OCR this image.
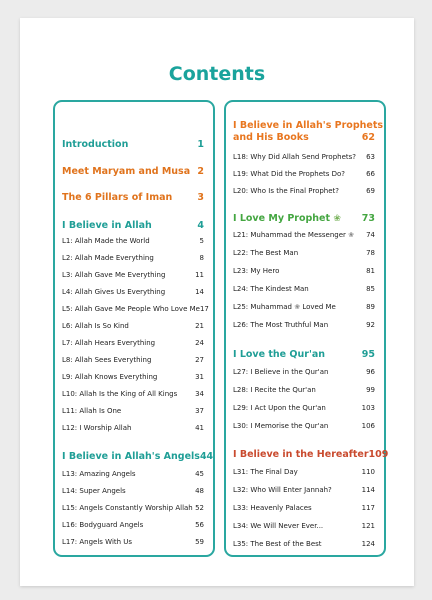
Contents
Introduction	1
Meet Maryam and Musa 2
The 6 Pillars of Iman	3
I Believe in Allah	4
L1: Allah Made the World	5
L2: Allah Made Everything	8
L3: Allah Gave Me Everything	11
L4: Allah Gives Us Everything	14
L5: Allah Gave Me People Who Love Me 17
L6: Allah Is So Kind	21
L7: Allah Hears Everything	24
L8: Allah Sees Everything	27
L9: Allah Knows Everything	31
L10: Allah Is the King of All Kings	34
L11: Allah Is One	37
L12: I Worship Allah	41
I Believe in Allah's Angels 44
L13: Amazing Angels	45
L14: Super Angels	48
L15: Angels Constantly Worship Allah 52
L16: Bodyguard Angels	56
L17: Angels With Us	59
I Believe in Allah's Prophets
and His Books	62
L18: Why Did Allah Send Prophets? 63
L19: What Did the Prophets Do?	66
L20: Who Is the Final Prophet?	69
I Love My Prophet ❀ 73
L21: Muhammad the Messenger ❀ 74
L22: The Best Man	78
L23: My Hero	81
L24: The Kindest Man	85
L25: Muhammad ❀ Loved Me	89
L26: The Most Truthful Man	92
I Love the Qur'an	95
L27: I Believe in the Qur'an	96
L28: I Recite the Qur'an	99
L29: I Act Upon the Qur'an	103
L30: I Memorise the Qur'an	106
I Believe in the Hereafter 109
L31: The Final Day	110
L32: Who Will Enter Jannah?	114
L33: Heavenly Palaces	117
L34: We Will Never Ever...	121
L35: The Best of the Best	124
